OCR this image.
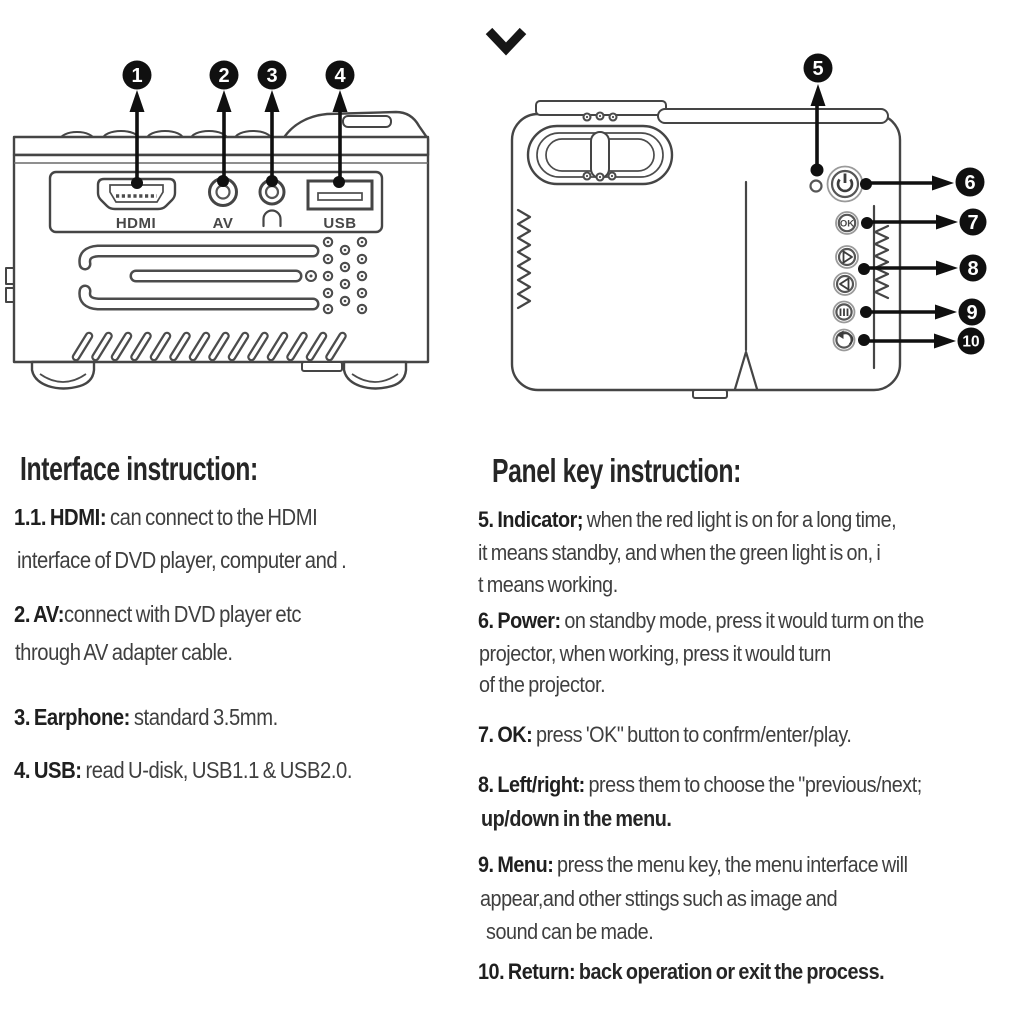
HDMI	AV	USB
1	2 3	4
OK
5
6
7
8
9
10
Interface instruction:
1.1. HDMI: can connect to the HDMI
interface of DVD player, computer and .
2. AV:connect with DVD player etc
through AV adapter cable.
3. Earphone: standard 3.5mm.
4. USB: read U-disk, USB1.1 & USB2.0.
Panel key instruction:
5. Indicator; when the red light is on for a long time,
it means standby, and when the green light is on, i
t means working.
6. Power: on standby mode, press it would turm on the
projector, when working, press it would turn
of the projector.
7. OK: press 'OK" button to confrm/enter/play.
8. Left/right: press them to choose the "previous/next;
up/down in the menu.
9. Menu: press the menu key, the menu interface will
appear,and other sttings such as image and
sound can be made.
10. Return: back operation or exit the process.
